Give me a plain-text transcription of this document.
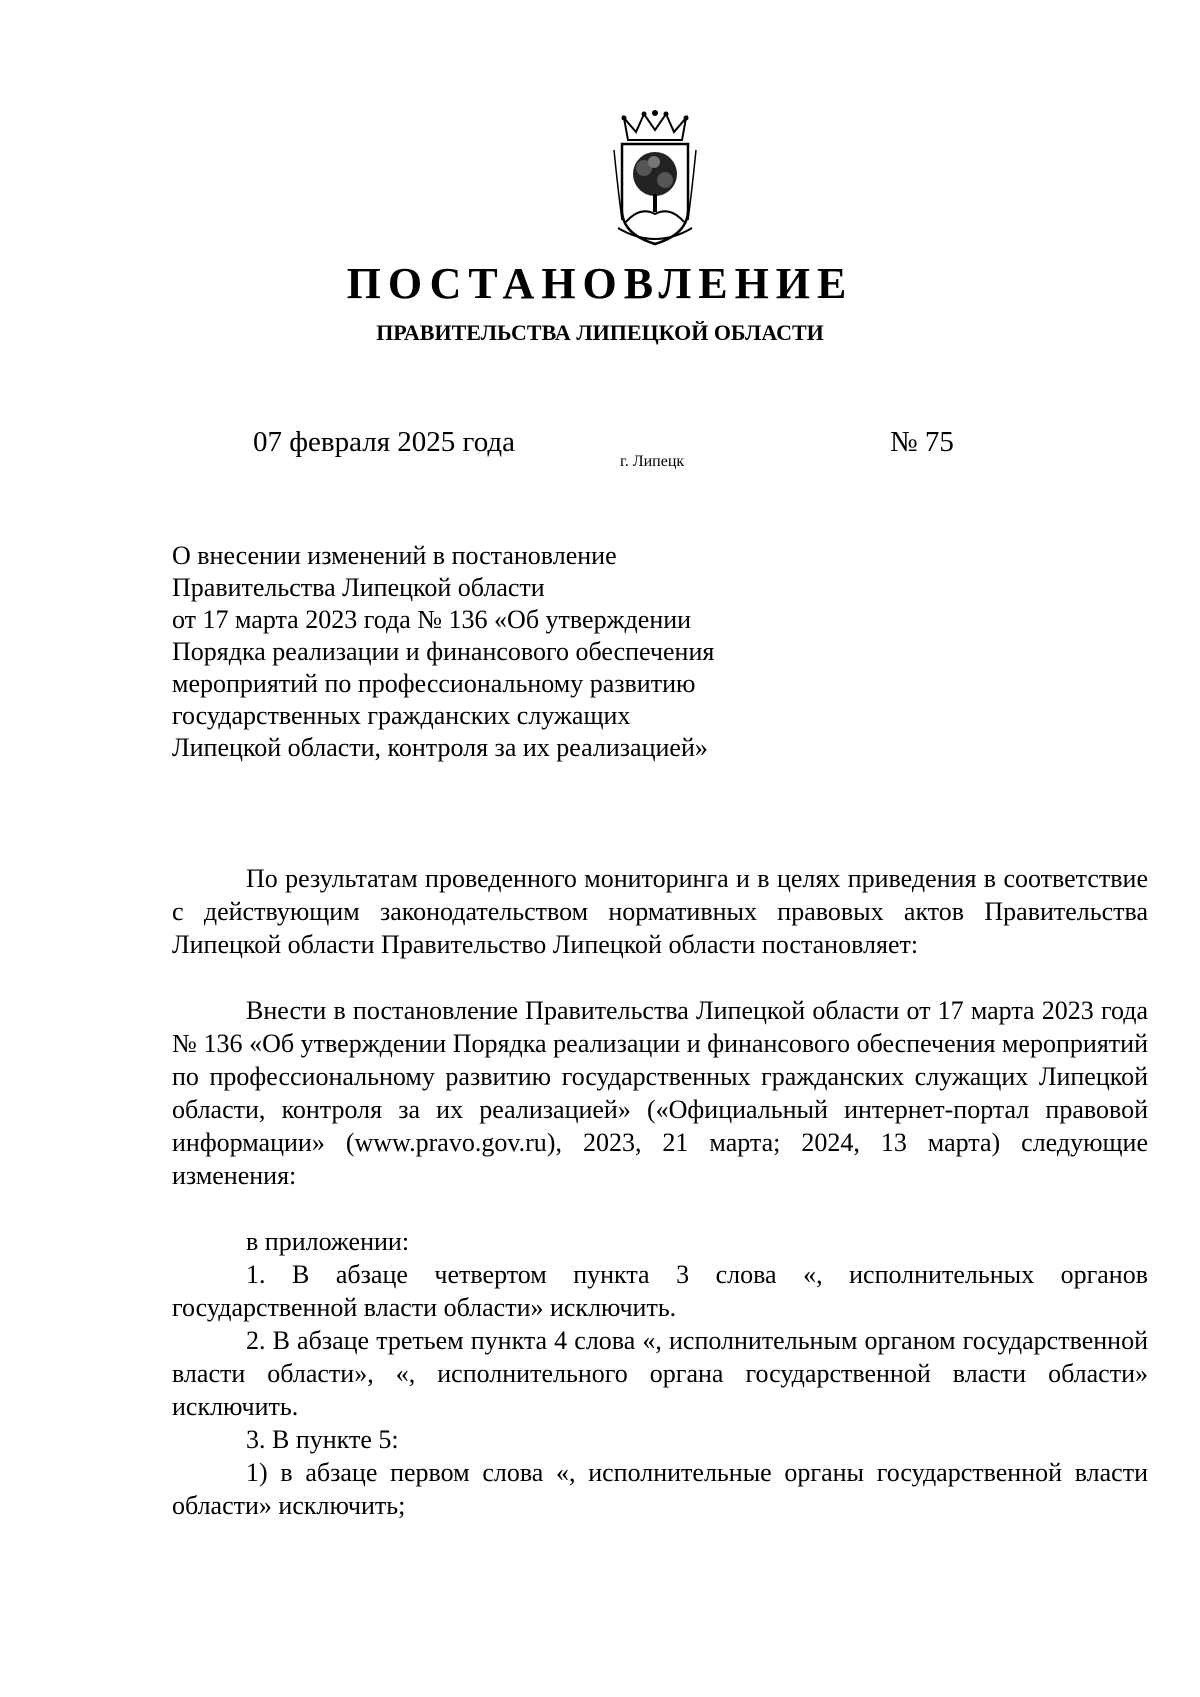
ПОСТАНОВЛЕНИЕ
ПРАВИТЕЛЬСТВА ЛИПЕЦКОЙ ОБЛАСТИ
07 февраля 2025 года
г. Липецк
№ 75
О внесении изменений в постановление
Правительства Липецкой области
от 17 марта 2023 года № 136 «Об утверждении
Порядка реализации и финансового обеспечения
мероприятий по профессиональному развитию
государственных гражданских служащих
Липецкой области, контроля за их реализацией»

По результатам проведенного мониторинга и в целях приведения в соответствие с действующим законодательством нормативных правовых актов Правительства Липецкой области Правительство Липецкой области постановляет:

Внести в постановление Правительства Липецкой области от 17 марта 2023 года № 136 «Об утверждении Порядка реализации и финансового обеспечения мероприятий по профессиональному развитию государственных гражданских служащих Липецкой области, контроля за их реализацией» («Официальный интернет-портал правовой информации» (www.pravo.gov.ru), 2023, 21 марта; 2024, 13 марта) следующие изменения:

в приложении:

1. В абзаце четвертом пункта 3 слова «, исполнительных органов государственной власти области» исключить.

2. В абзаце третьем пункта 4 слова «, исполнительным органом государственной власти области», «, исполнительного органа государственной власти области» исключить.

3. В пункте 5:

1) в абзаце первом слова «, исполнительные органы государственной власти области» исключить;
